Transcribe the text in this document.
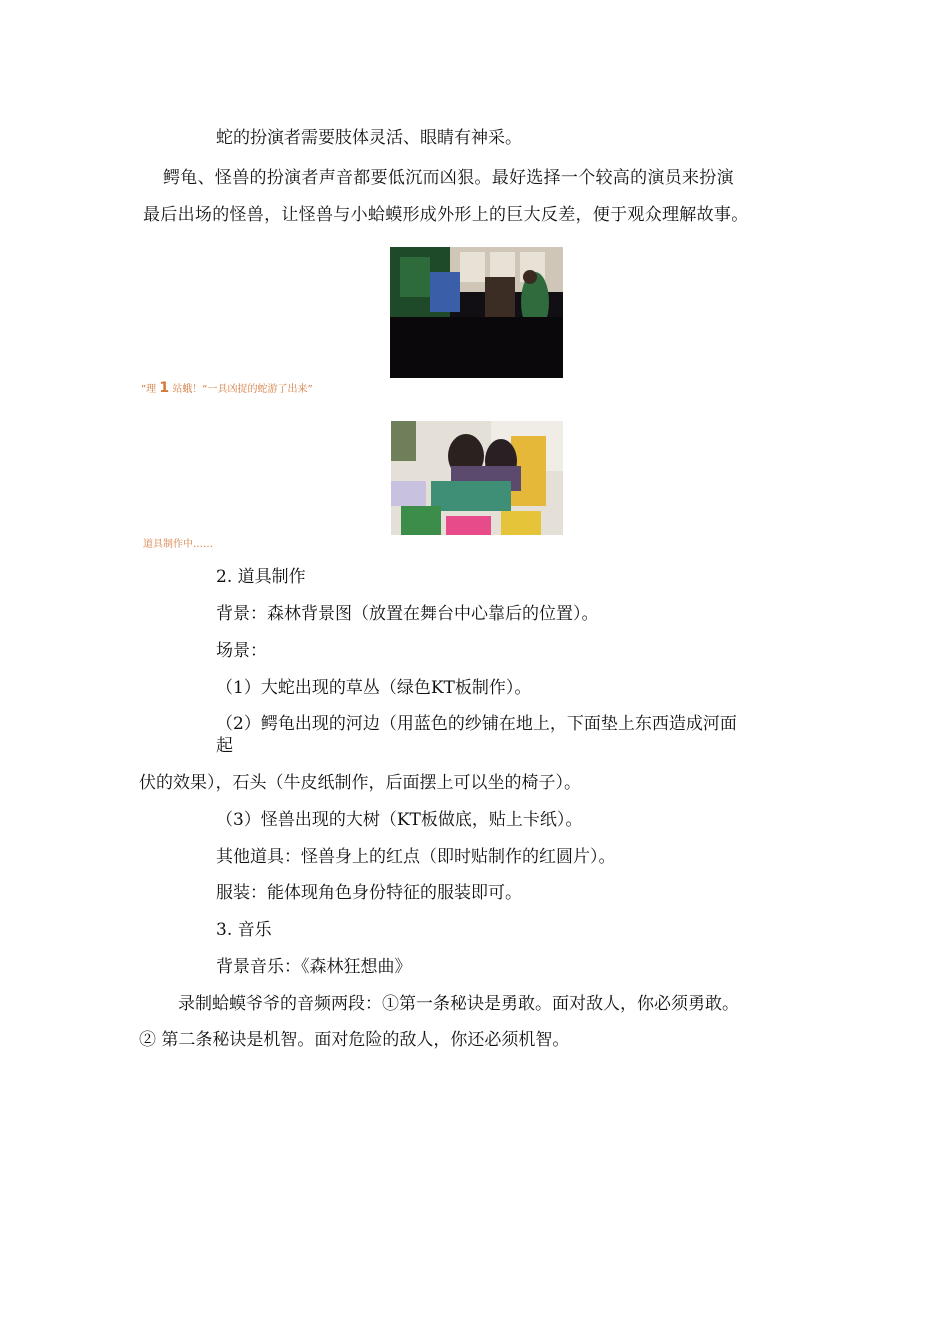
蛇的扮演者需要肢体灵活、眼睛有神采。
鳄龟、怪兽的扮演者声音都要低沉而凶狠。最好选择一个较高的演员来扮演
最后出场的怪兽，让怪兽与小蛤蟆形成外形上的巨大反差，便于观众理解故事。
”理 1 站蛾！“一具凶捉的蛇游了出来”
道具制作中……
2. 道具制作
背景：森林背景图（放置在舞台中心靠后的位置）。
场景：
（1）大蛇出现的草丛（绿色KT板制作）。
（2）鳄龟出现的河边（用蓝色的纱铺在地上，下面垫上东西造成河面
起
伏的效果），石头（牛皮纸制作，后面摆上可以坐的椅子）。
（3）怪兽出现的大树（KT板做底，贴上卡纸）。
其他道具：怪兽身上的红点（即时贴制作的红圆片）。
服装：能体现角色身份特征的服装即可。
3. 音乐
背景音乐：《森林狂想曲》
录制蛤蟆爷爷的音频两段：①第一条秘诀是勇敢。面对敌人，你必须勇敢。
② 第二条秘诀是机智。面对危险的敌人，你还必须机智。
